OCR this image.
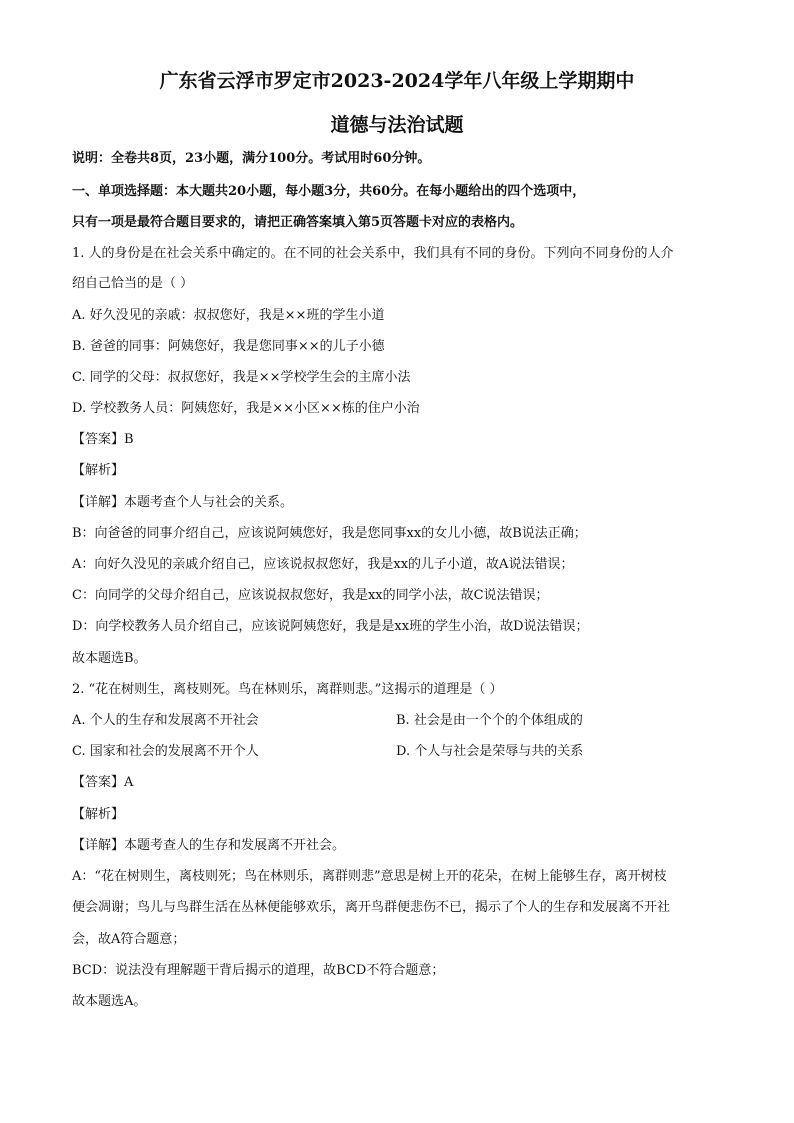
广东省云浮市罗定市2023-2024学年八年级上学期期中
道德与法治试题
说明：全卷共8页，23小题，满分100分。考试用时60分钟。
一、单项选择题：本大题共20小题，每小题3分，共60分。在每小题给出的四个选项中，
只有一项是最符合题目要求的，请把正确答案填入第5页答题卡对应的表格内。
1. 人的身份是在社会关系中确定的。在不同的社会关系中，我们具有不同的身份。下列向不同身份的人介
绍自己恰当的是（ ）
A. 好久没见的亲戚：叔叔您好，我是××班的学生小道
B. 爸爸的同事：阿姨您好，我是您同事××的儿子小德
C. 同学的父母：叔叔您好，我是××学校学生会的主席小法
D. 学校教务人员：阿姨您好，我是××小区××栋的住户小治
【答案】B
【解析】
【详解】本题考查个人与社会的关系。
B：向爸爸的同事介绍自己，应该说阿姨您好，我是您同事xx的女儿小德，故B说法正确；
A：向好久没见的亲戚介绍自己，应该说叔叔您好，我是xx的儿子小道，故A说法错误；
C：向同学的父母介绍自己，应该说叔叔您好，我是xx的同学小法，故C说法错误；
D：向学校教务人员介绍自己，应该说阿姨您好，我是是xx班的学生小治，故D说法错误；
故本题选B。
2. “花在树则生，离枝则死。鸟在林则乐，离群则悲。”这揭示的道理是（ ）
A. 个人的生存和发展离不开社会	B. 社会是由一个个的个体组成的
C. 国家和社会的发展离不开个人	D. 个人与社会是荣辱与共的关系
【答案】A
【解析】
【详解】本题考查人的生存和发展离不开社会。
A：“花在树则生，离枝则死；鸟在林则乐，离群则悲”意思是树上开的花朵，在树上能够生存，离开树枝
便会凋谢；鸟儿与鸟群生活在丛林便能够欢乐，离开鸟群便悲伤不已，揭示了个人的生存和发展离不开社
会，故A符合题意；
BCD：说法没有理解题干背后揭示的道理，故BCD不符合题意；
故本题选A。
